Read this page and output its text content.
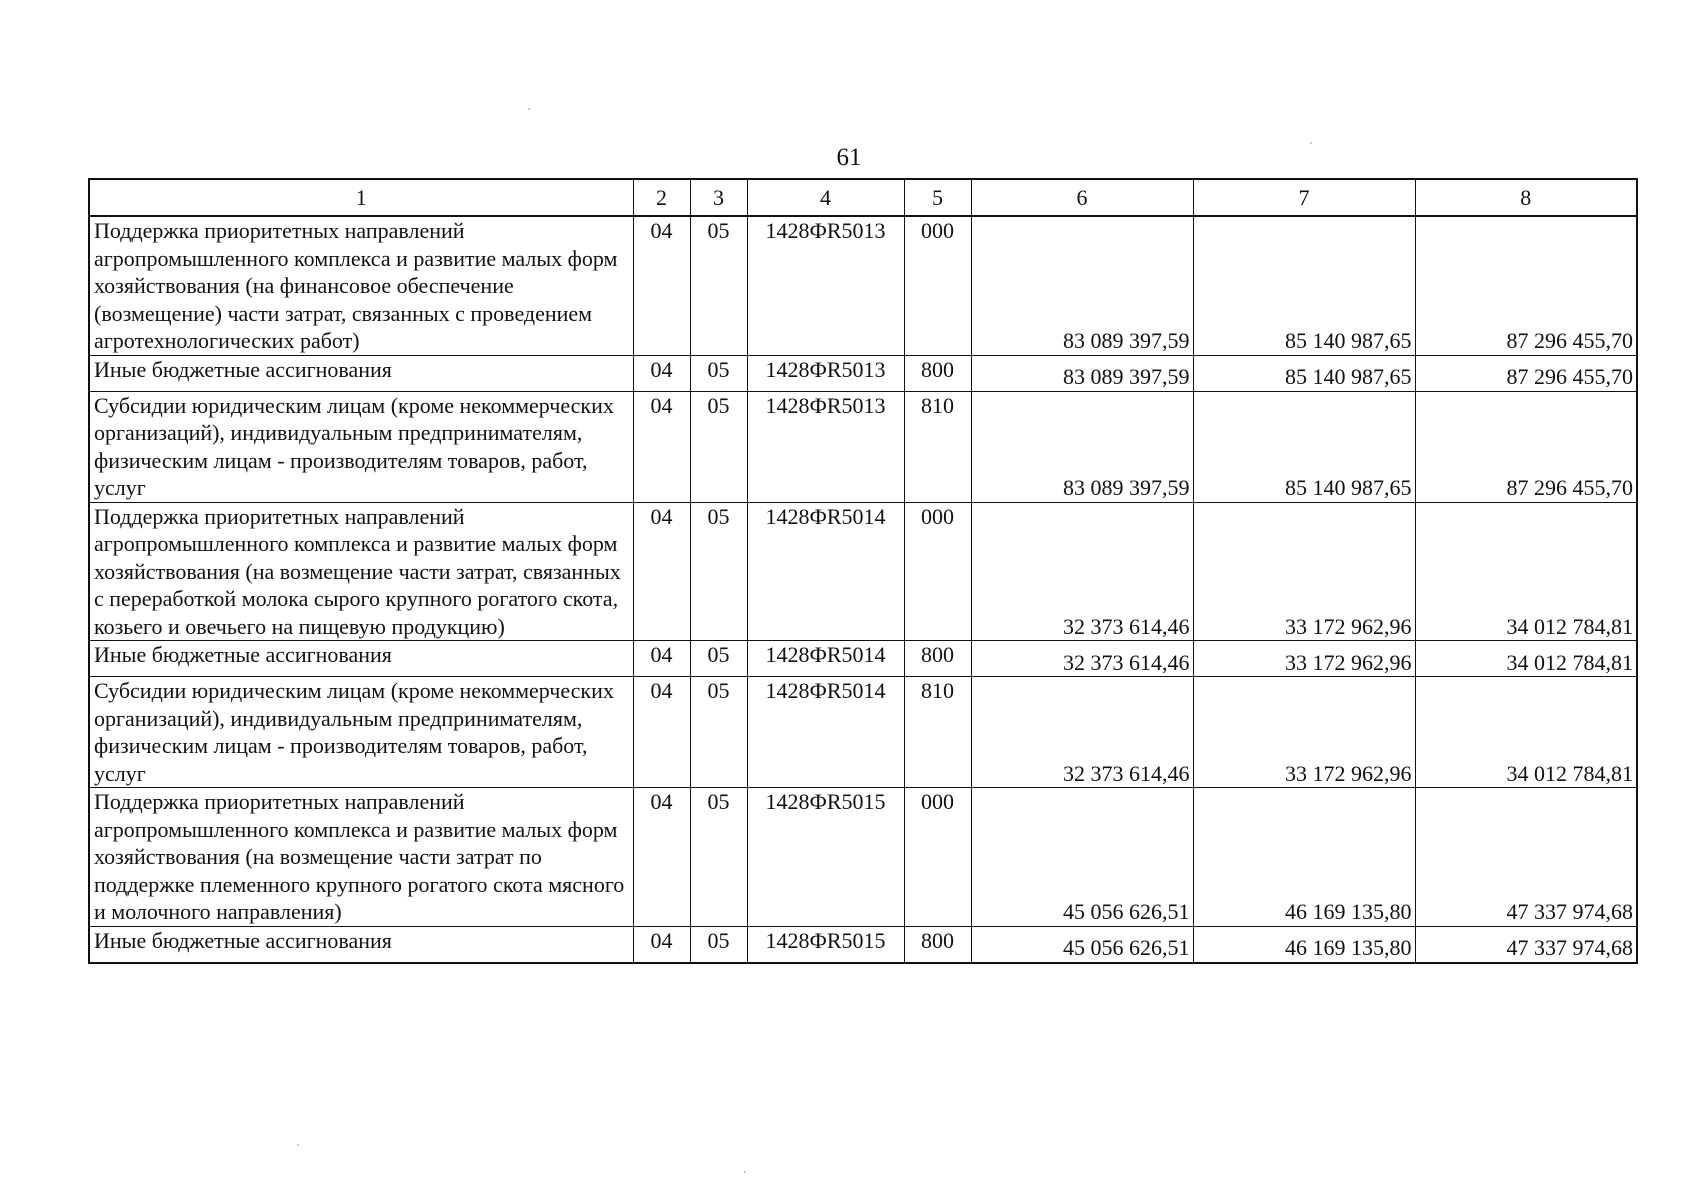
61
1	2	3	4	5	6	7	8
Поддержка приоритетных направлений агропромышленного комплекса и развитие малых форм хозяйствования (на финансовое обеспечение (возмещение) части затрат, связанных с проведением агротехнологических работ)	04	05	1428ФR5013	000	83 089 397,59	85 140 987,65	87 296 455,70
Иные бюджетные ассигнования	04	05	1428ФR5013	800	83 089 397,59	85 140 987,65	87 296 455,70
Субсидии юридическим лицам (кроме некоммерческих организаций), индивидуальным предпринимателям, физическим лицам - производителям товаров, работ, услуг	04	05	1428ФR5013	810	83 089 397,59	85 140 987,65	87 296 455,70
Поддержка приоритетных направлений агропромышленного комплекса и развитие малых форм хозяйствования (на возмещение части затрат, связанных с переработкой молока сырого крупного рогатого скота, козьего и овечьего на пищевую продукцию)	04	05	1428ФR5014	000	32 373 614,46	33 172 962,96	34 012 784,81
Иные бюджетные ассигнования	04	05	1428ФR5014	800	32 373 614,46	33 172 962,96	34 012 784,81
Субсидии юридическим лицам (кроме некоммерческих организаций), индивидуальным предпринимателям, физическим лицам - производителям товаров, работ, услуг	04	05	1428ФR5014	810	32 373 614,46	33 172 962,96	34 012 784,81
Поддержка приоритетных направлений агропромышленного комплекса и развитие малых форм хозяйствования (на возмещение части затрат по поддержке племенного крупного рогатого скота мясного и молочного направления)	04	05	1428ФR5015	000	45 056 626,51	46 169 135,80	47 337 974,68
Иные бюджетные ассигнования	04	05	1428ФR5015	800	45 056 626,51	46 169 135,80	47 337 974,68
